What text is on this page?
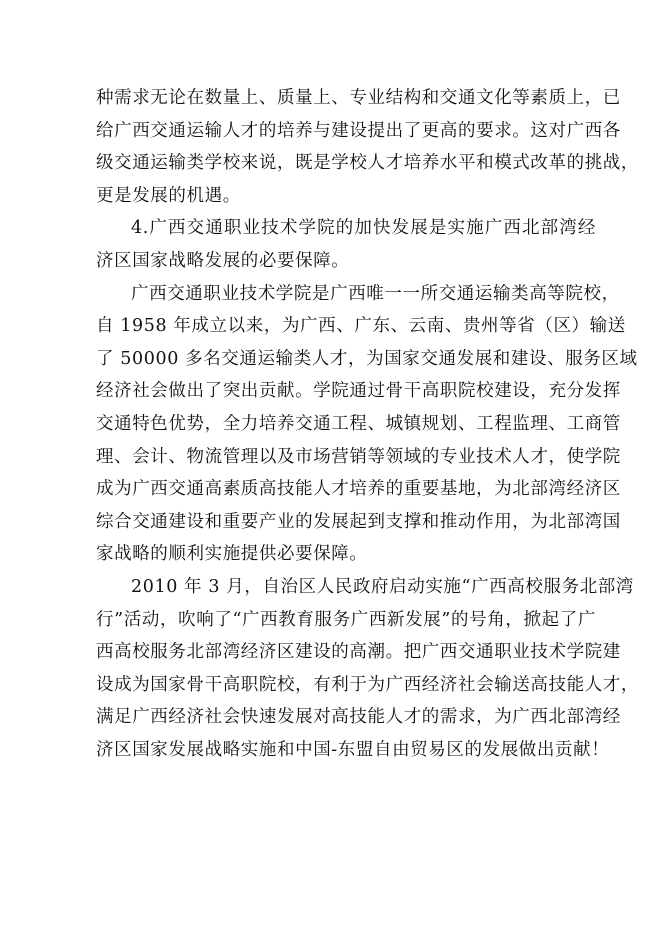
种需求无论在数量上、质量上、专业结构和交通文化等素质上，已
给广西交通运输人才的培养与建设提出了更高的要求。这对广西各
级交通运输类学校来说，既是学校人才培养水平和模式改革的挑战，
更是发展的机遇。
4.广西交通职业技术学院的加快发展是实施广西北部湾经
济区国家战略发展的必要保障。
广西交通职业技术学院是广西唯一一所交通运输类高等院校，
自 1958 年成立以来，为广西、广东、云南、贵州等省（区）输送
了 50000 多名交通运输类人才，为国家交通发展和建设、服务区域
经济社会做出了突出贡献。学院通过骨干高职院校建设，充分发挥
交通特色优势，全力培养交通工程、城镇规划、工程监理、工商管
理、会计、物流管理以及市场营销等领域的专业技术人才，使学院
成为广西交通高素质高技能人才培养的重要基地，为北部湾经济区
综合交通建设和重要产业的发展起到支撑和推动作用，为北部湾国
家战略的顺利实施提供必要保障。
2010 年 3 月，自治区人民政府启动实施“广西高校服务北部湾
行”活动，吹响了“广西教育服务广西新发展”的号角，掀起了广
西高校服务北部湾经济区建设的高潮。把广西交通职业技术学院建
设成为国家骨干高职院校，有利于为广西经济社会输送高技能人才，
满足广西经济社会快速发展对高技能人才的需求，为广西北部湾经
济区国家发展战略实施和中国-东盟自由贸易区的发展做出贡献！
